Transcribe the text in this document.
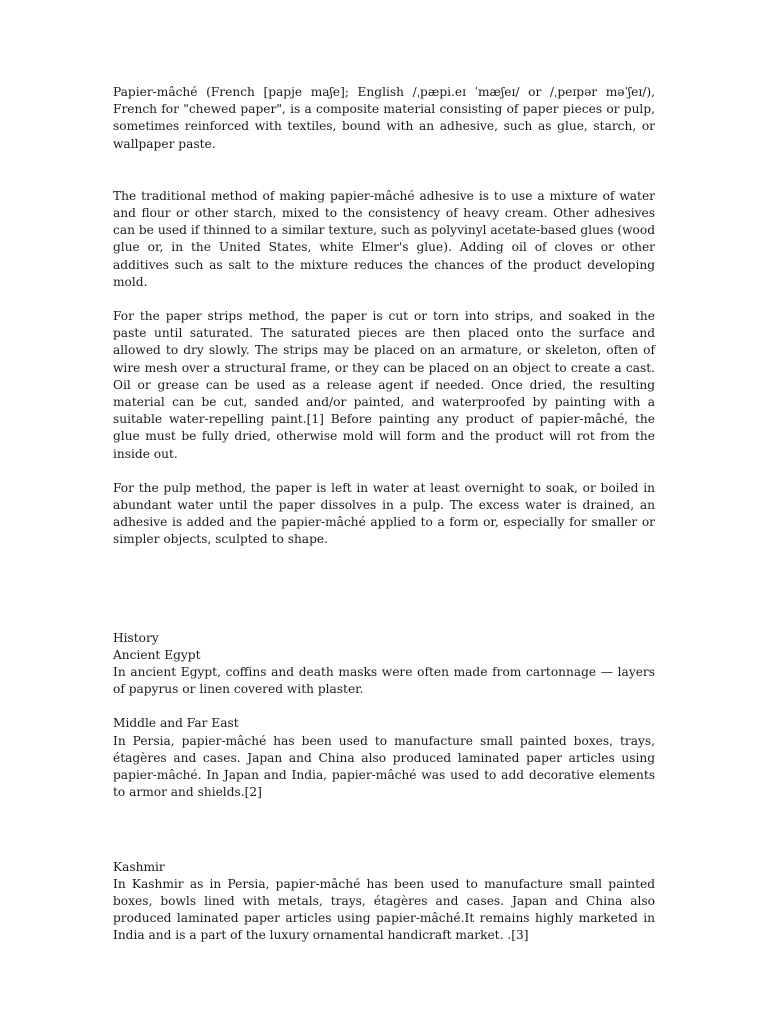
Papier-mâché (French [papje maʃe]; English /ˌpæpi.eɪ ˈmæʃeɪ/ or /ˌpeɪpər məˈʃeɪ/), French for "chewed paper", is a composite material consisting of paper pieces or pulp, sometimes reinforced with textiles, bound with an adhesive, such as glue, starch, or wallpaper paste.

The traditional method of making papier-mâché adhesive is to use a mixture of water and flour or other starch, mixed to the consistency of heavy cream. Other adhesives can be used if thinned to a similar texture, such as polyvinyl acetate-based glues (wood glue or, in the United States, white Elmer's glue). Adding oil of cloves or other additives such as salt to the mixture reduces the chances of the product developing mold.

For the paper strips method, the paper is cut or torn into strips, and soaked in the paste until saturated. The saturated pieces are then placed onto the surface and allowed to dry slowly. The strips may be placed on an armature, or skeleton, often of wire mesh over a structural frame, or they can be placed on an object to create a cast. Oil or grease can be used as a release agent if needed. Once dried, the resulting material can be cut, sanded and/or painted, and waterproofed by painting with a suitable water-repelling paint.[1] Before painting any product of papier-mâché, the glue must be fully dried, otherwise mold will form and the product will rot from the inside out.

For the pulp method, the paper is left in water at least overnight to soak, or boiled in abundant water until the paper dissolves in a pulp. The excess water is drained, an adhesive is added and the papier-mâché applied to a form or, especially for smaller or simpler objects, sculpted to shape.

History

Ancient Egypt

In ancient Egypt, coffins and death masks were often made from cartonnage — layers of papyrus or linen covered with plaster.

Middle and Far East

In Persia, papier-mâché has been used to manufacture small painted boxes, trays, étagères and cases. Japan and China also produced laminated paper articles using papier-mâché. In Japan and India, papier-mâché was used to add decorative elements to armor and shields.[2]

Kashmir

In Kashmir as in Persia, papier-mâché has been used to manufacture small painted boxes, bowls lined with metals, trays, étagères and cases. Japan and China also produced laminated paper articles using papier-mâché.It remains highly marketed in India and is a part of the luxury ornamental handicraft market. .[3]
